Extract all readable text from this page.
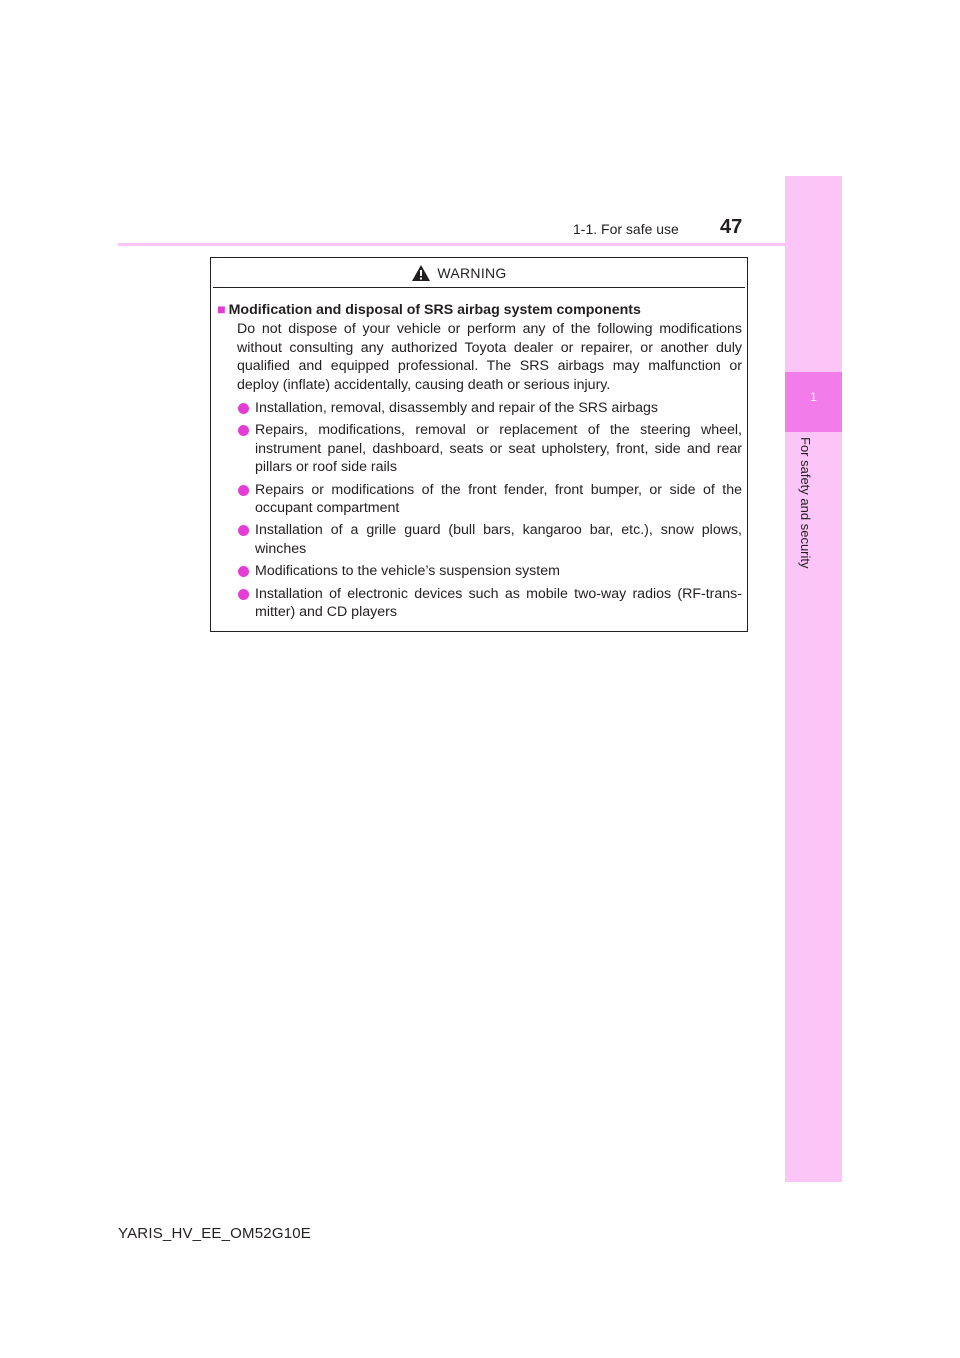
1
For safety and security
1-1. For safe use 47
WARNING
■ Modification and disposal of SRS airbag system components
Do not dispose of your vehicle or perform any of the following modifications without consulting any authorized Toyota dealer or repairer, or another duly qualified and equipped professional. The SRS airbags may malfunction or deploy (inflate) accidentally, causing death or serious injury.
Installation, removal, disassembly and repair of the SRS airbags
Repairs, modifications, removal or replacement of the steering wheel, instrument panel, dashboard, seats or seat upholstery, front, side and rear pillars or roof side rails
Repairs or modifications of the front fender, front bumper, or side of the occupant compartment
Installation of a grille guard (bull bars, kangaroo bar, etc.), snow plows, winches
Modifications to the vehicle’s suspension system
Installation of electronic devices such as mobile two-way radios (RF-trans-mitter) and CD players
YARIS_HV_EE_OM52G10E
